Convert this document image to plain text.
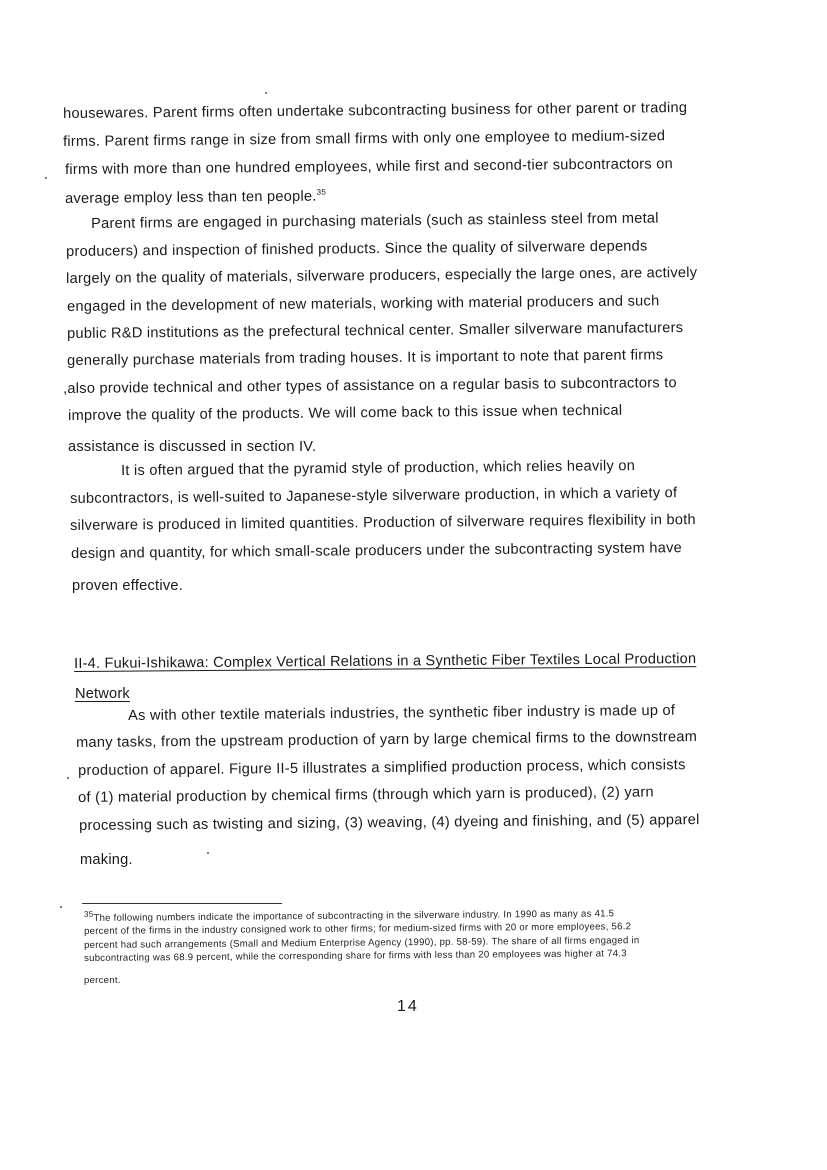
housewares. Parent firms often undertake subcontracting business for other parent or trading
firms. Parent firms range in size from small firms with only one employee to medium-sized
firms with more than one hundred employees, while first and second-tier subcontractors on
average employ less than ten people.$^{35}$
Parent firms are engaged in purchasing materials (such as stainless steel from metal
producers) and inspection of finished products. Since the quality of silverware depends
largely on the quality of materials, silverware producers, especially the large ones, are actively
engaged in the development of new materials, working with material producers and such
public R&D institutions as the prefectural technical center. Smaller silverware manufacturers
generally purchase materials from trading houses. It is important to note that parent firms
,also provide technical and other types of assistance on a regular basis to subcontractors to
improve the quality of the products. We will come back to this issue when technical
assistance is discussed in section IV.
It is often argued that the pyramid style of production, which relies heavily on
subcontractors, is well-suited to Japanese-style silverware production, in which a variety of
silverware is produced in limited quantities. Production of silverware requires flexibility in both
design and quantity, for which small-scale producers under the subcontracting system have
proven effective.
II-4. Fukui-Ishikawa: Complex Vertical Relations in a Synthetic Fiber Textiles Local Production
Network
As with other textile materials industries, the synthetic fiber industry is made up of
many tasks, from the upstream production of yarn by large chemical firms to the downstream
production of apparel. Figure II-5 illustrates a simplified production process, which consists
of (1) material production by chemical firms (through which yarn is produced), (2) yarn
processing such as twisting and sizing, (3) weaving, (4) dyeing and finishing, and (5) apparel
making.
$^{35}$The following numbers indicate the importance of subcontracting in the silverware industry. In 1990 as many as 41.5
percent of the firms in the industry consigned work to other firms; for medium-sized firms with 20 or more employees, 56.2
percent had such arrangements (Small and Medium Enterprise Agency (1990), pp. 58-59). The share of all firms engaged in
subcontracting was 68.9 percent, while the corresponding share for firms with less than 20 employees was higher at 74.3
percent.
14
